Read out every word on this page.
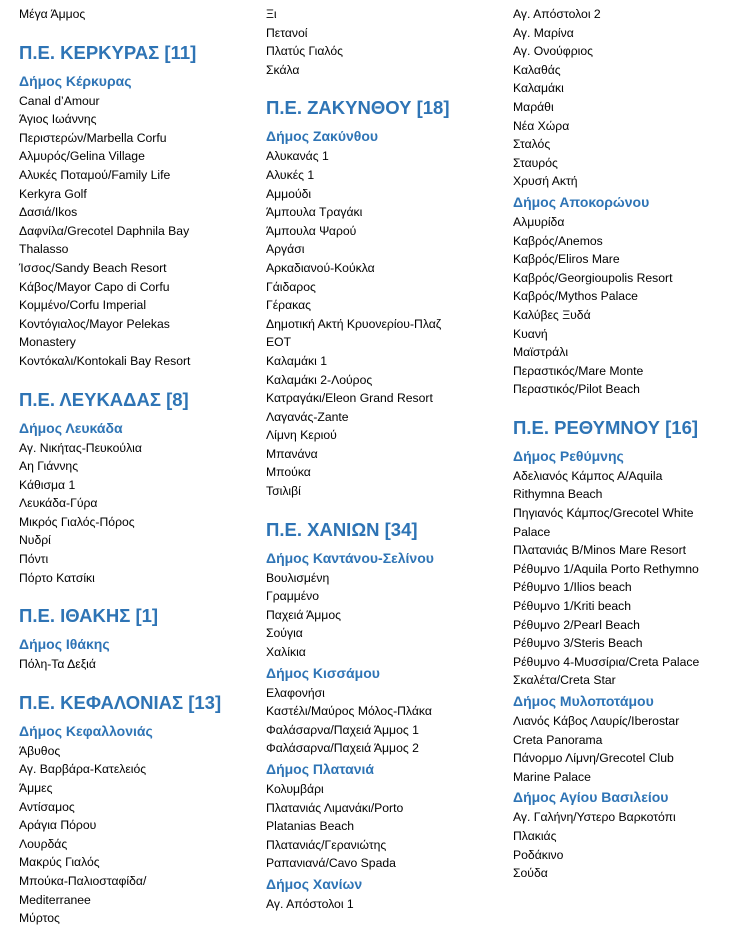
Μέγα Άμμος

Π.Ε. ΚΕΡΚΥΡΑΣ [11]
Δήμος Κέρκυρας

Canal d’Amour

Άγιος Ιωάννης

Περιστερών/Marbella Corfu

Αλμυρός/Gelina Village

Αλυκές Ποταμού/Family Life

Kerkyra Golf

Δασιά/Ikos

Δαφνίλα/Grecotel Daphnila Bay

Thalasso

Ίσσος/Sandy Beach Resort

Κάβος/Mayor Capo di Corfu

Κομμένο/Corfu Imperial

Κοντόγιαλος/Mayor Pelekas

Monastery

Κοντόκαλι/Kontokali Bay Resort

Π.Ε. ΛΕΥΚΑΔΑΣ [8]
Δήμος Λευκάδα

Αγ. Νικήτας-Πευκούλια

Αη Γιάννης

Κάθισμα 1

Λευκάδα-Γύρα

Μικρός Γιαλός-Πόρος

Νυδρί

Πόντι

Πόρτο Κατσίκι

Π.Ε. ΙΘΑΚΗΣ [1]
Δήμος Ιθάκης

Πόλη-Τα Δεξιά

Π.Ε. ΚΕΦΑΛΟΝΙΑΣ [13]
Δήμος Κεφαλλονιάς

Άβυθος

Αγ. Βαρβάρα-Κατελειός

Άμμες

Αντίσαμος

Αράγια Πόρου

Λουρδάς

Μακρύς Γιαλός

Μπούκα-Παλιοσταφίδα/

Mediterranee

Μύρτος

Ξι

Πετανοί

Πλατύς Γιαλός

Σκάλα

Π.Ε. ΖΑΚΥΝΘΟΥ [18]
Δήμος Ζακύνθου

Αλυκανάς 1

Αλυκές 1

Αμμούδι

Άμπουλα Τραγάκι

Άμπουλα Ψαρού

Αργάσι

Αρκαδιανού-Κούκλα

Γάιδαρος

Γέρακας

Δημοτική Ακτή Κρυονερίου-Πλαζ

ΕΟΤ

Καλαμάκι 1

Καλαμάκι 2-Λούρος

Κατραγάκι/Eleon Grand Resort

Λαγανάς-Zante

Λίμνη Κεριού

Μπανάνα

Μπούκα

Τσιλιβί

Π.Ε. ΧΑΝΙΩΝ [34]
Δήμος Καντάνου-Σελίνου

Βουλισμένη

Γραμμένο

Παχειά Άμμος

Σούγια

Χαλίκια

Δήμος Κισσάμου

Ελαφονήσι

Καστέλι/Μαύρος Μόλος-Πλάκα

Φαλάσαρνα/Παχειά Άμμος 1

Φαλάσαρνα/Παχειά Άμμος 2

Δήμος Πλατανιά

Κολυμβάρι

Πλατανιάς Λιμανάκι/Porto

Platanias Beach

Πλατανιάς/Γερανιώτης

Ραπανιανά/Cavo Spada

Δήμος Χανίων

Αγ. Απόστολοι 1

Αγ. Απόστολοι 2

Αγ. Μαρίνα

Αγ. Ονούφριος

Καλαθάς

Καλαμάκι

Μαράθι

Νέα Χώρα

Σταλός

Σταυρός

Χρυσή Ακτή

Δήμος Αποκορώνου

Αλμυρίδα

Καβρός/Anemos

Καβρός/Eliros Mare

Καβρός/Georgioupolis Resort

Καβρός/Mythos Palace

Καλύβες Ξυδά

Κυανή

Μαϊστράλι

Περαστικός/Mare Monte

Περαστικός/Pilot Beach

Π.Ε. ΡΕΘΥΜΝΟΥ [16]
Δήμος Ρεθύμνης

Αδελιανός Κάμπος Α/Aquila

Rithymna Beach

Πηγιανός Κάμπος/Grecotel White

Palace

Πλατανιάς Β/Minos Mare Resort

Ρέθυμνο 1/Aquila Porto Rethymno

Ρέθυμνο 1/Ilios beach

Ρέθυμνο 1/Kriti beach

Ρέθυμνο 2/Pearl Beach

Ρέθυμνο 3/Steris Beach

Ρέθυμνο 4-Μυσσίρια/Creta Palace

Σκαλέτα/Creta Star

Δήμος Μυλοποτάμου

Λιανός Κάβος Λαυρίς/Iberostar

Creta Panorama

Πάνορμο Λίμνη/Grecotel Club

Marine Palace

Δήμος Αγίου Βασιλείου

Αγ. Γαλήνη/Υστερο Βαρκοτόπι

Πλακιάς

Ροδάκινο

Σούδα
